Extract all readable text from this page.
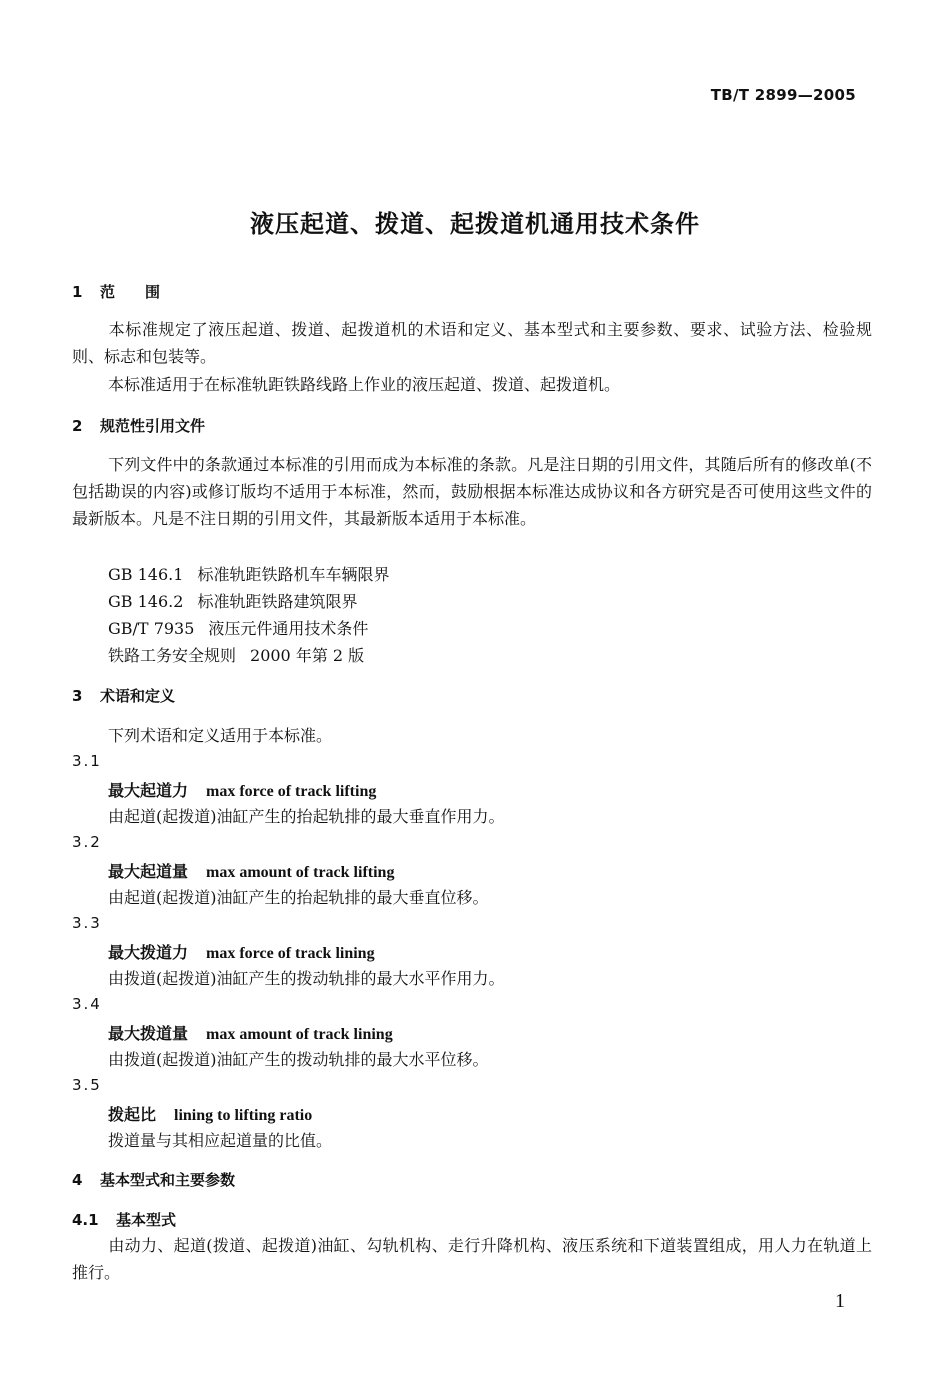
TB/T 2899—2005
液压起道、拨道、起拨道机通用技术条件
1 范　　围
本标准规定了液压起道、拨道、起拨道机的术语和定义、基本型式和主要参数、要求、试验方法、检验规则、标志和包装等。
本标准适用于在标准轨距铁路线路上作业的液压起道、拨道、起拨道机。
2 规范性引用文件
下列文件中的条款通过本标准的引用而成为本标准的条款。凡是注日期的引用文件，其随后所有的修改单(不包括勘误的内容)或修订版均不适用于本标准，然而，鼓励根据本标准达成协议和各方研究是否可使用这些文件的最新版本。凡是不注日期的引用文件，其最新版本适用于本标准。
GB 146.1 标准轨距铁路机车车辆限界
GB 146.2 标准轨距铁路建筑限界
GB/T 7935 液压元件通用技术条件
铁路工务安全规则 2000 年第 2 版
3 术语和定义
下列术语和定义适用于本标准。
3.1
最大起道力 max force of track lifting
由起道(起拨道)油缸产生的抬起轨排的最大垂直作用力。
3.2
最大起道量 max amount of track lifting
由起道(起拨道)油缸产生的抬起轨排的最大垂直位移。
3.3
最大拨道力 max force of track lining
由拨道(起拨道)油缸产生的拨动轨排的最大水平作用力。
3.4
最大拨道量 max amount of track lining
由拨道(起拨道)油缸产生的拨动轨排的最大水平位移。
3.5
拨起比 lining to lifting ratio
拨道量与其相应起道量的比值。
4 基本型式和主要参数
4.1 基本型式
由动力、起道(拨道、起拨道)油缸、勾轨机构、走行升降机构、液压系统和下道装置组成，用人力在轨道上推行。
1
